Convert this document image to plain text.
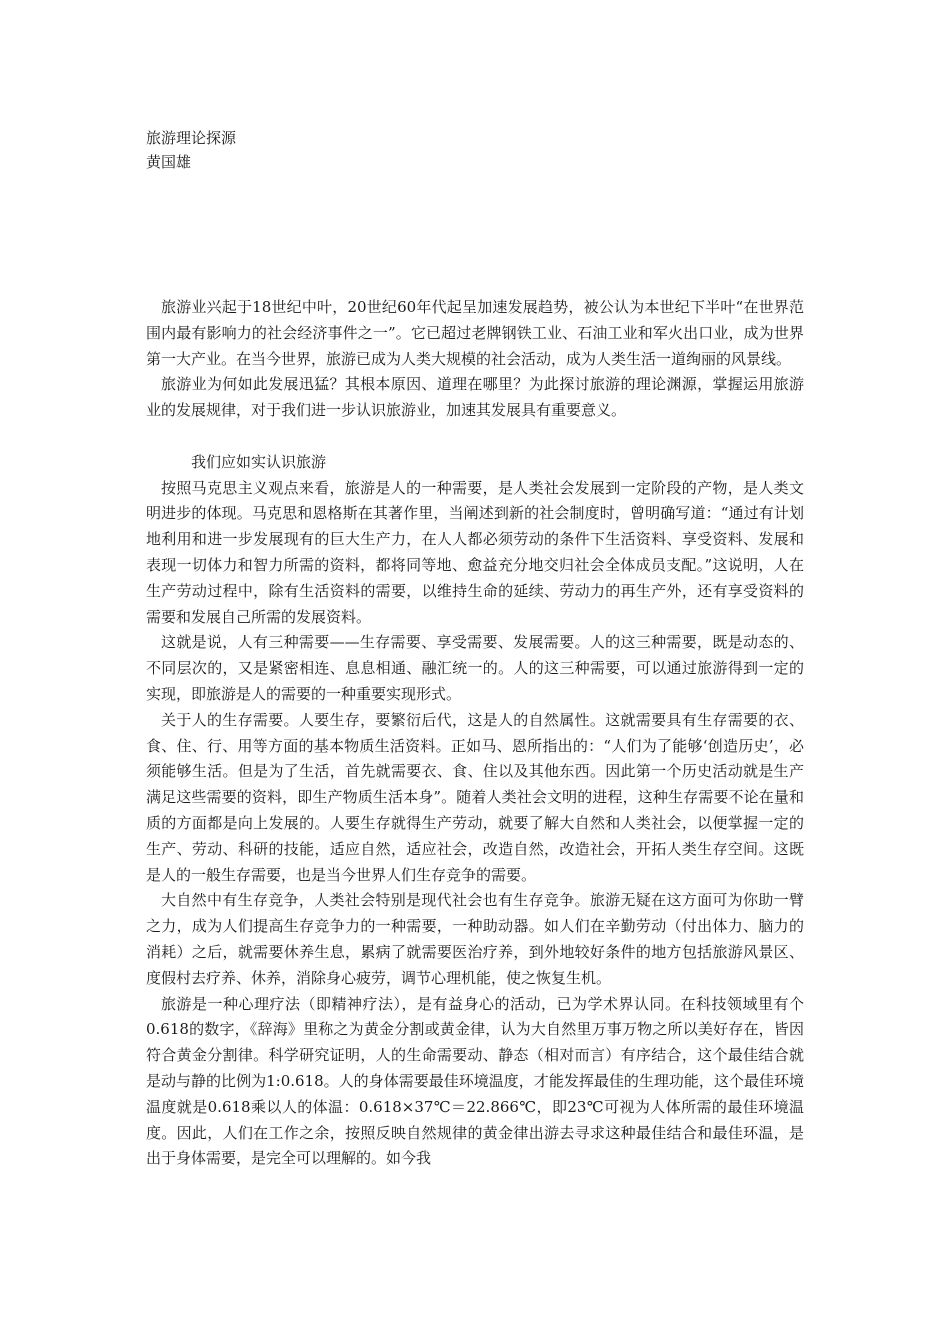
旅游理论探源
黄国雄

旅游业兴起于18世纪中叶，20世纪60年代起呈加速发展趋势，被公认为本世纪下半叶“在世界范围内最有影响力的社会经济事件之一”。它已超过老牌钢铁工业、石油工业和军火出口业，成为世界第一大产业。在当今世界，旅游已成为人类大规模的社会活动，成为人类生活一道绚丽的风景线。

旅游业为何如此发展迅猛？其根本原因、道理在哪里？为此探讨旅游的理论渊源，掌握运用旅游业的发展规律，对于我们进一步认识旅游业，加速其发展具有重要意义。

我们应如实认识旅游

按照马克思主义观点来看，旅游是人的一种需要，是人类社会发展到一定阶段的产物，是人类文明进步的体现。马克思和恩格斯在其著作里，当阐述到新的社会制度时，曾明确写道：“通过有计划地利用和进一步发展现有的巨大生产力，在人人都必须劳动的条件下生活资料、享受资料、发展和表现一切体力和智力所需的资料，都将同等地、愈益充分地交归社会全体成员支配。”这说明，人在生产劳动过程中，除有生活资料的需要，以维持生命的延续、劳动力的再生产外，还有享受资料的需要和发展自己所需的发展资料。

这就是说，人有三种需要——生存需要、享受需要、发展需要。人的这三种需要，既是动态的、不同层次的，又是紧密相连、息息相通、融汇统一的。人的这三种需要，可以通过旅游得到一定的实现，即旅游是人的需要的一种重要实现形式。

关于人的生存需要。人要生存，要繁衍后代，这是人的自然属性。这就需要具有生存需要的衣、食、住、行、用等方面的基本物质生活资料。正如马、恩所指出的：“人们为了能够‘创造历史’，必须能够生活。但是为了生活，首先就需要衣、食、住以及其他东西。因此第一个历史活动就是生产满足这些需要的资料，即生产物质生活本身”。随着人类社会文明的进程，这种生存需要不论在量和质的方面都是向上发展的。人要生存就得生产劳动，就要了解大自然和人类社会，以便掌握一定的生产、劳动、科研的技能，适应自然，适应社会，改造自然，改造社会，开拓人类生存空间。这既是人的一般生存需要，也是当今世界人们生存竞争的需要。

大自然中有生存竞争，人类社会特别是现代社会也有生存竞争。旅游无疑在这方面可为你助一臂之力，成为人们提高生存竞争力的一种需要，一种助动器。如人们在辛勤劳动（付出体力、脑力的消耗）之后，就需要休养生息，累病了就需要医治疗养，到外地较好条件的地方包括旅游风景区、度假村去疗养、休养，消除身心疲劳，调节心理机能，使之恢复生机。

旅游是一种心理疗法（即精神疗法），是有益身心的活动，已为学术界认同。在科技领域里有个0.618的数字，《辞海》里称之为黄金分割或黄金律，认为大自然里万事万物之所以美好存在，皆因符合黄金分割律。科学研究证明，人的生命需要动、静态（相对而言）有序结合，这个最佳结合就是动与静的比例为1:0.618。人的身体需要最佳环境温度，才能发挥最佳的生理功能，这个最佳环境温度就是0.618乘以人的体温：0.618×37℃＝22.866℃，即23℃可视为人体所需的最佳环境温度。因此，人们在工作之余，按照反映自然规律的黄金律出游去寻求这种最佳结合和最佳环温，是出于身体需要，是完全可以理解的。如今我
